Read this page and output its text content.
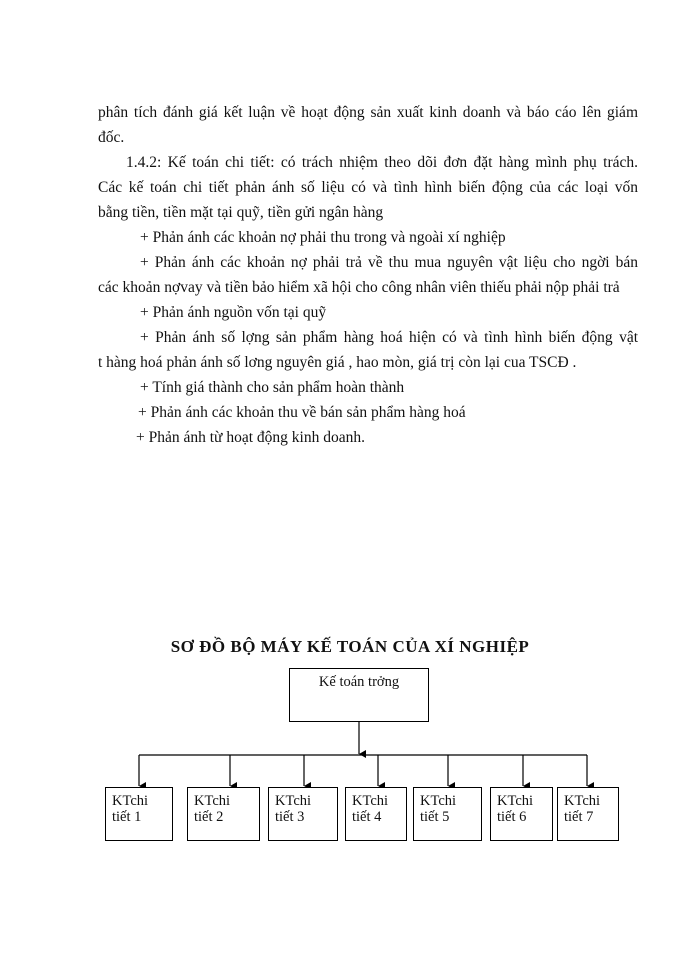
phân tích đánh giá kết luận về hoạt động sản xuất kinh doanh và báo cáo lên giám

đốc.

1.4.2: Kế toán chi tiết: có trách nhiệm theo dõi đơn đặt hàng mình phụ trách.

Các kế toán chi tiết phản ánh số liệu có và tình hình biến động của các loại vốn

bằng tiền, tiền mặt tại quỹ, tiền gửi ngân hàng

+ Phản ánh các khoản nợ phải thu trong và ngoài xí nghiệp

+ Phản ánh các khoản nợ phải trả về thu mua nguyên vật liệu cho ngời bán

các khoản nợvay và tiền bảo hiểm xã hội cho công nhân viên thiếu phải nộp phải trả

+ Phản ánh nguồn vốn tại quỹ

+ Phản ánh số lợng sản phẩm hàng hoá hiện có và tình hình biến động vật

t hàng hoá phản ánh số lơng nguyên giá , hao mòn, giá trị còn lại cua TSCĐ .

+ Tính giá thành cho sản phẩm hoàn thành

+ Phản ánh các khoản thu về bán sản phẩm hàng hoá

+ Phản ánh từ hoạt động kinh doanh.

SƠ ĐỒ BỘ MÁY KẾ TOÁN CỦA XÍ NGHIỆP
Kế toán trởng
KTchi
tiết 1
KTchi
tiết 2
KTchi
tiết 3
KTchi
tiết 4
KTchi
tiết 5
KTchi
tiết 6
KTchi
tiết 7
